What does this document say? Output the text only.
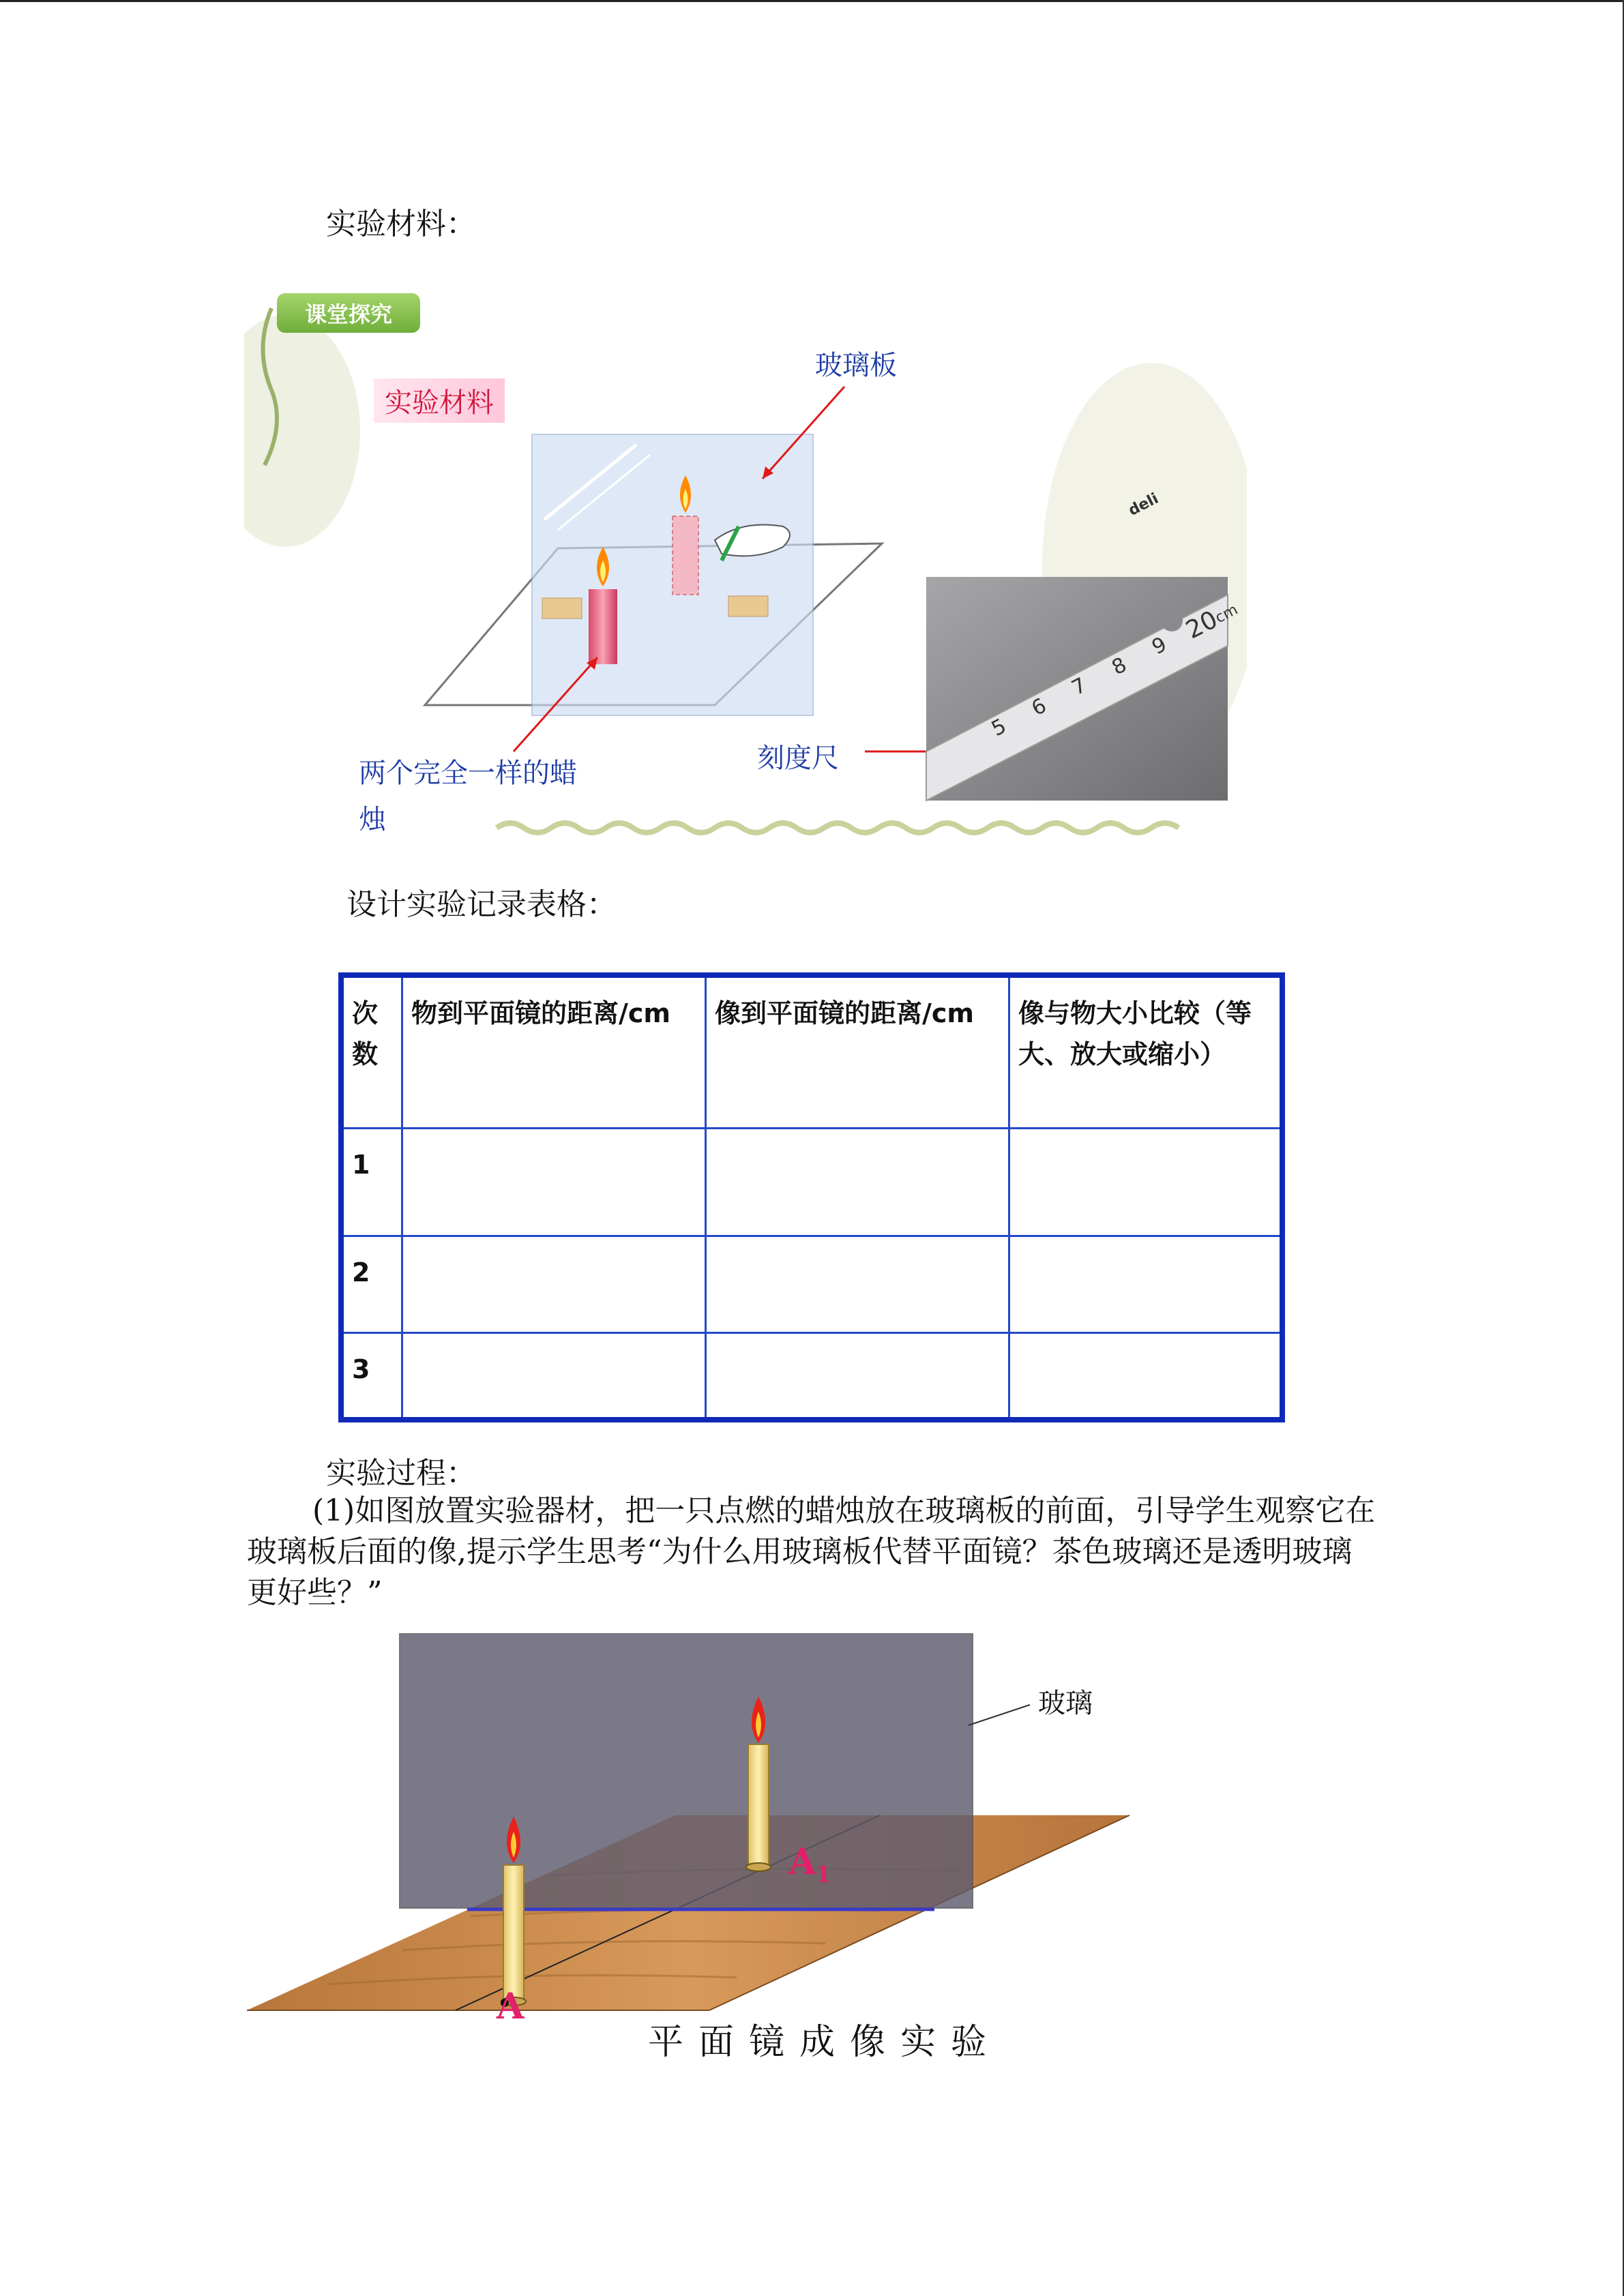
实验材料：
课堂探究
实验材料
玻璃板
两个完全一样的蜡
烛
刻度尺
deli
5
6
7
8
9
20
cm
设计实验记录表格：
次数	物到平面镜的距离/cm	像到平面镜的距离/cm	像与物大小比较（等大、放大或缩小）
1			
2			
3			
实验过程：
(1)如图放置实验器材，把一只点燃的蜡烛放在玻璃板的前面，引导学生观察它在玻璃板后面的像,提示学生思考“为什么用玻璃板代替平面镜？茶色玻璃还是透明玻璃更好些？”
玻璃
A
$A_1$
平面镜成像实验
